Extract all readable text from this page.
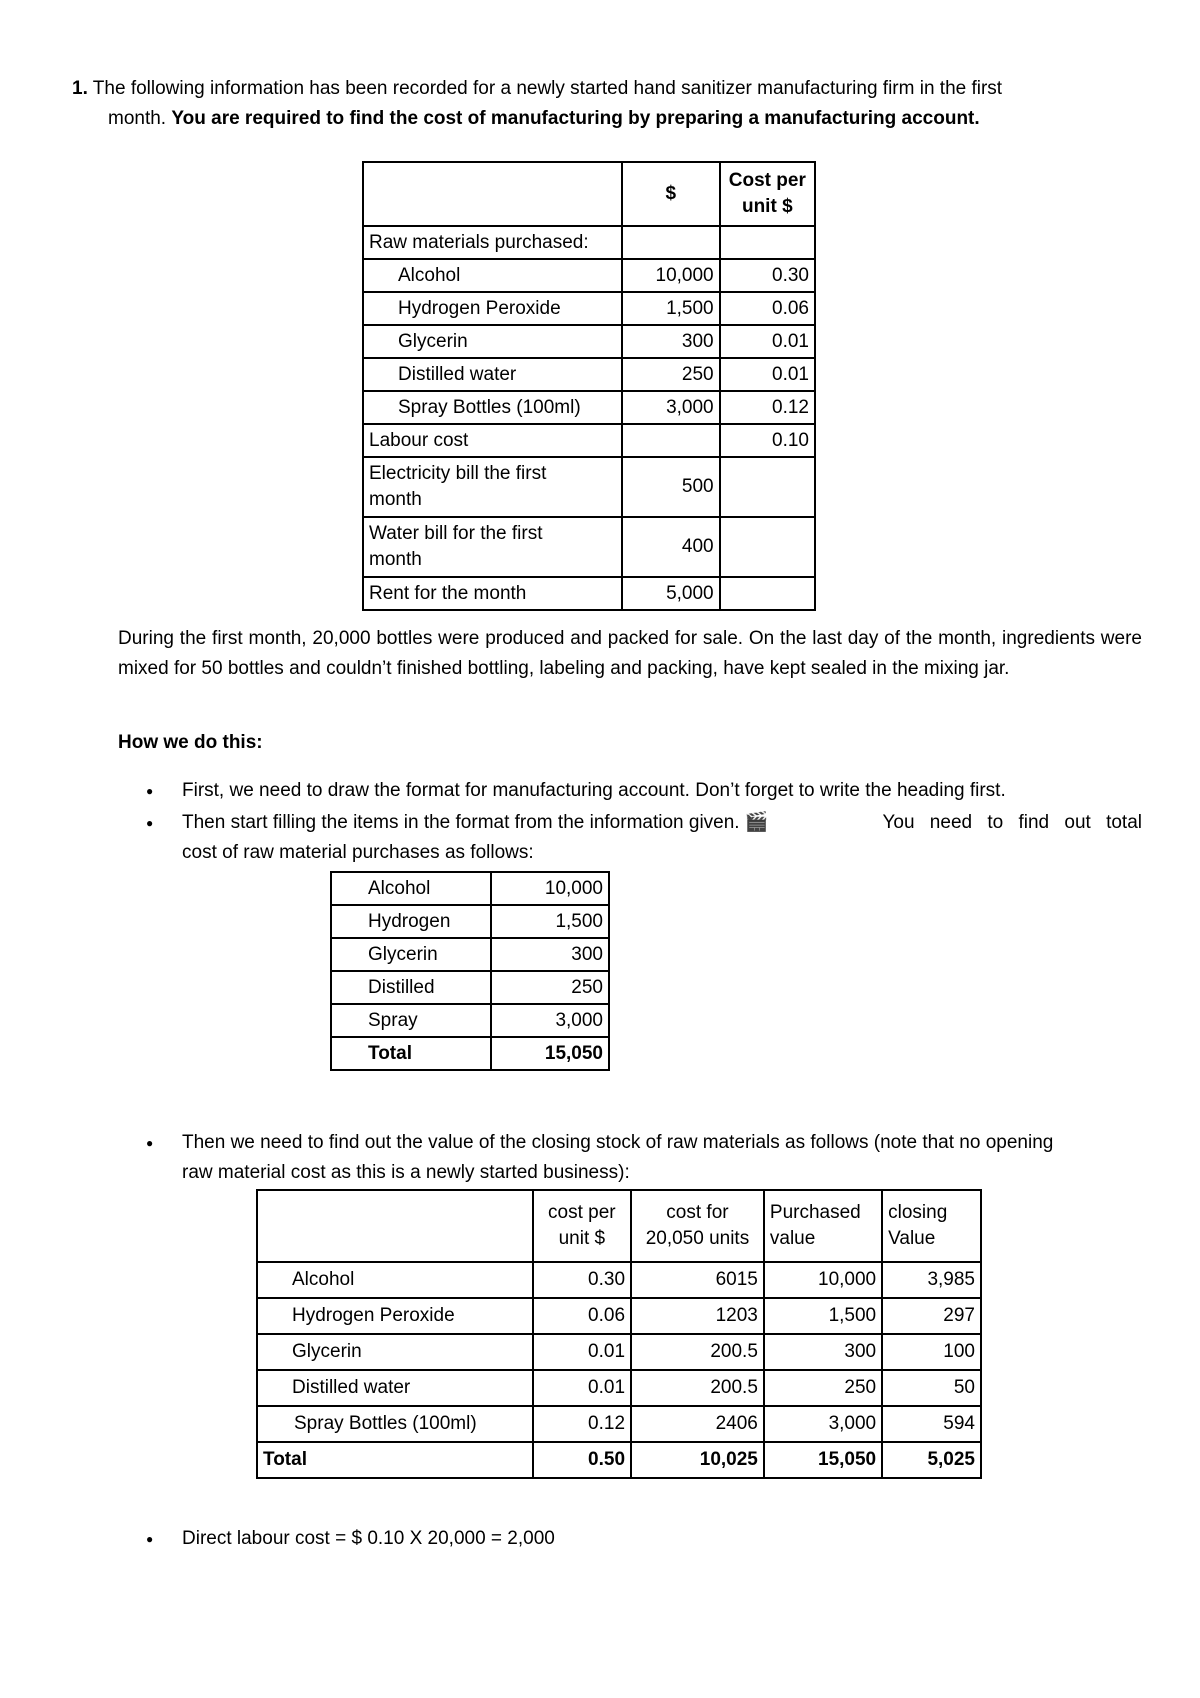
1. The following information has been recorded for a newly started hand sanitizer manufacturing firm in the first
month. You are required to find the cost of manufacturing by preparing a manufacturing account.
	$	Cost per
unit $
Raw materials purchased:		
Alcohol	10,000	0.30
Hydrogen Peroxide	1,500	0.06
Glycerin	300	0.01
Distilled water	250	0.01
Spray Bottles (100ml)	3,000	0.12
Labour cost		0.10
Electricity bill the first
month	500	
Water bill for the first
month	400	
Rent for the month	5,000	
During the first month, 20,000 bottles were produced and packed for sale. On the last day of the month, ingredients were mixed for 50 bottles and couldn’t finished bottling, labeling and packing, have kept sealed in the mixing jar.
How we do this:
● First, we need to draw the format for manufacturing account. Don’t forget to write the heading first.
● Then start filling the items in the format from the information given. 🎬	You need to find out total
cost of raw material purchases as follows:
Alcohol	10,000
Hydrogen	1,500
Glycerin	300
Distilled	250
Spray	3,000
Total	15,050
● Then we need to find out the value of the closing stock of raw materials as follows (note that no opening
raw material cost as this is a newly started business):
	cost per
unit $	cost for
20,050 units	Purchased
value	closing
Value
Alcohol	0.30	6015	10,000	3,985
Hydrogen Peroxide	0.06	1203	1,500	297
Glycerin	0.01	200.5	300	100
Distilled water	0.01	200.5	250	50
Spray Bottles (100ml)	0.12	2406	3,000	594
Total	0.50	10,025	15,050	5,025
● Direct labour cost = $ 0.10 X 20,000 = 2,000
